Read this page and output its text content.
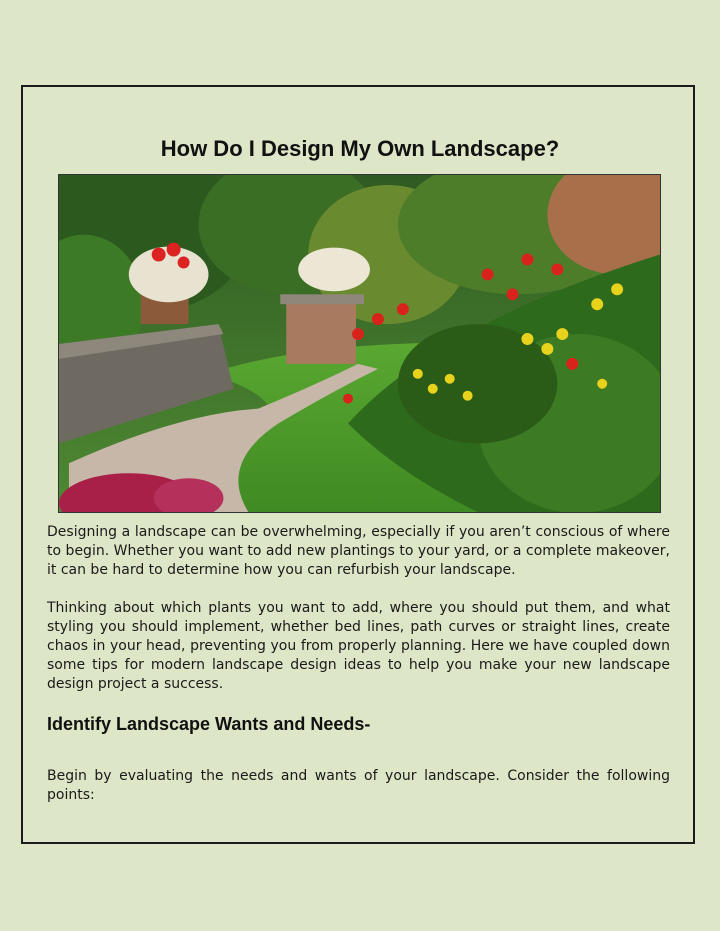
How Do I Design My Own Landscape?

Designing a landscape can be overwhelming, especially if you aren’t conscious of where to begin. Whether you want to add new plantings to your yard, or a complete makeover, it can be hard to determine how you can refurbish your landscape.

Thinking about which plants you want to add, where you should put them, and what styling you should implement, whether bed lines, path curves or straight lines, create chaos in your head, preventing you from properly planning. Here we have coupled down some tips for modern landscape design ideas to help you make your new landscape design project a success.

Identify Landscape Wants and Needs-

Begin by evaluating the needs and wants of your landscape. Consider the following points:
